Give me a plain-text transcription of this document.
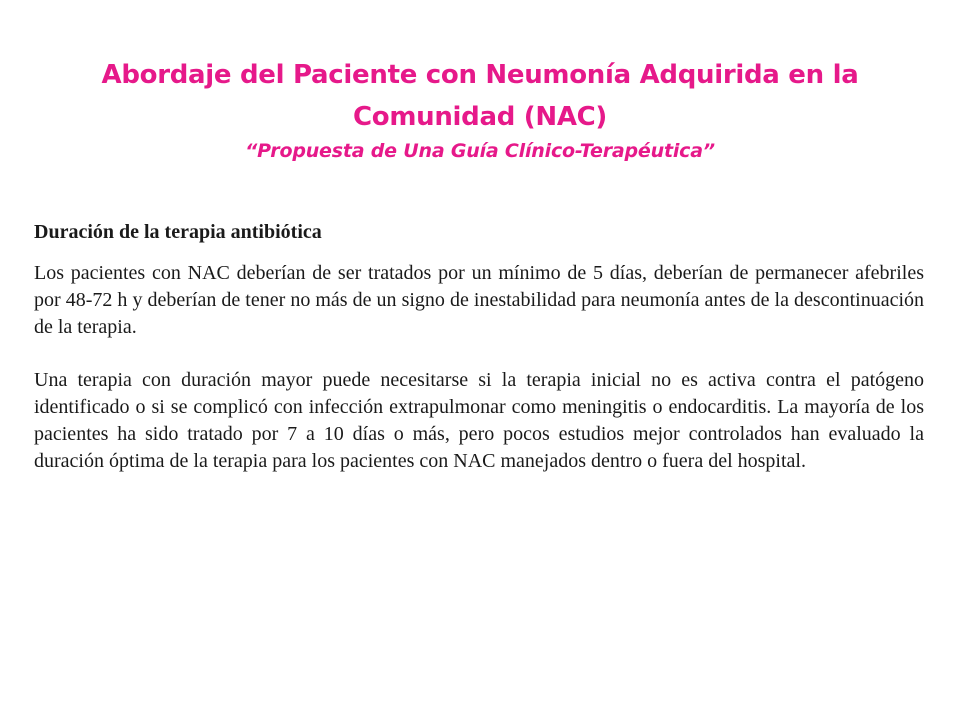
Abordaje del Paciente con Neumonía Adquirida en la
Comunidad (NAC)
“Propuesta de Una Guía Clínico-Terapéutica”
Duración de la terapia antibiótica

Los pacientes con NAC deberían de ser tratados por un mínimo de 5 días, deberían de permanecer afebriles por 48-72 h y deberían de tener no más de un signo de inestabilidad para neumonía antes de la descontinuación de la terapia.

Una terapia con duración mayor puede necesitarse si la terapia inicial no es activa contra el patógeno identificado o si se complicó con infección extrapulmonar como meningitis o endocarditis. La mayoría de los pacientes ha sido tratado por 7 a 10 días o más, pero pocos estudios mejor controlados han evaluado la duración óptima de la terapia para los pacientes con NAC manejados dentro o fuera del hospital.
